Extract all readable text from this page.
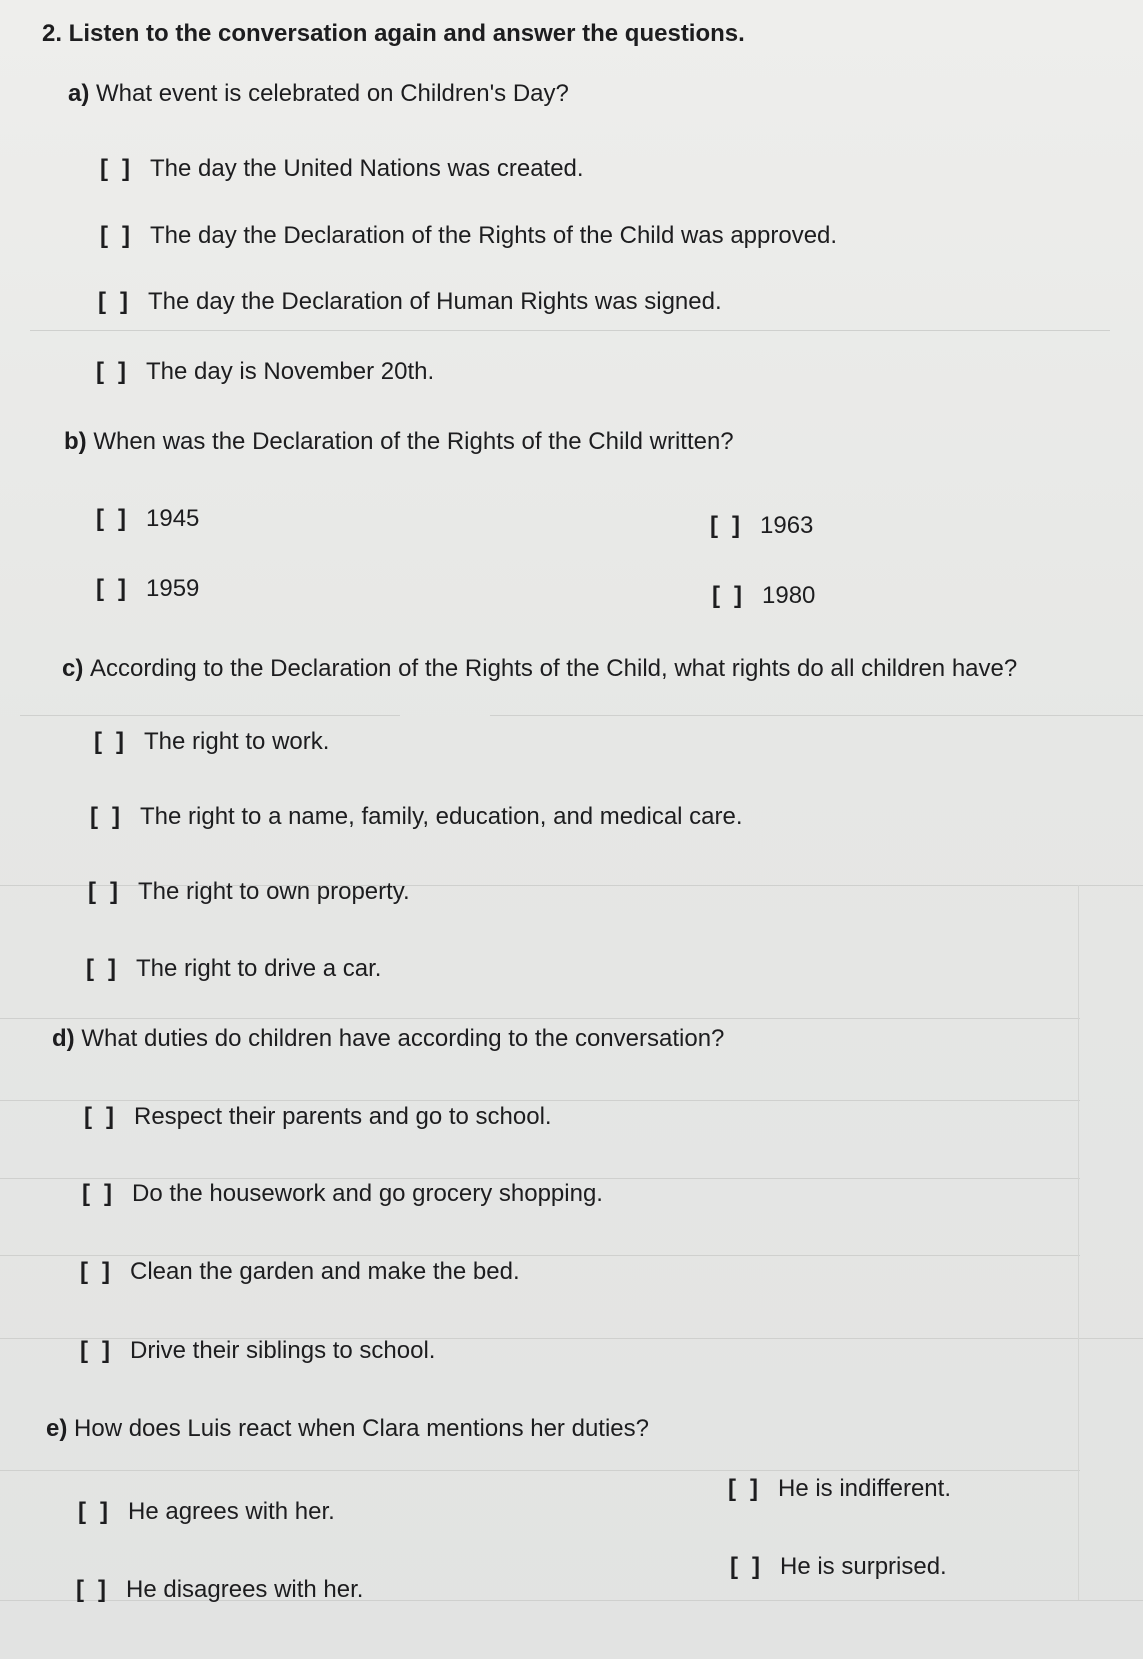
2. Listen to the conversation again and answer the questions.
a) What event is celebrated on Children's Day?
[ ] The day the United Nations was created.
[ ] The day the Declaration of the Rights of the Child was approved.
[ ] The day the Declaration of Human Rights was signed.
[ ] The day is November 20th.
b) When was the Declaration of the Rights of the Child written?
[ ] 1945	[ ] 1963
[ ] 1959	[ ] 1980
c) According to the Declaration of the Rights of the Child, what rights do all children have?
[ ] The right to work.
[ ] The right to a name, family, education, and medical care.
[ ] The right to own property.
[ ] The right to drive a car.
d) What duties do children have according to the conversation?
[ ] Respect their parents and go to school.
[ ] Do the housework and go grocery shopping.
[ ] Clean the garden and make the bed.
[ ] Drive their siblings to school.
e) How does Luis react when Clara mentions her duties?
[ ] He is indifferent.
[ ] He agrees with her.
[ ] He is surprised.
[ ] He disagrees with her.
